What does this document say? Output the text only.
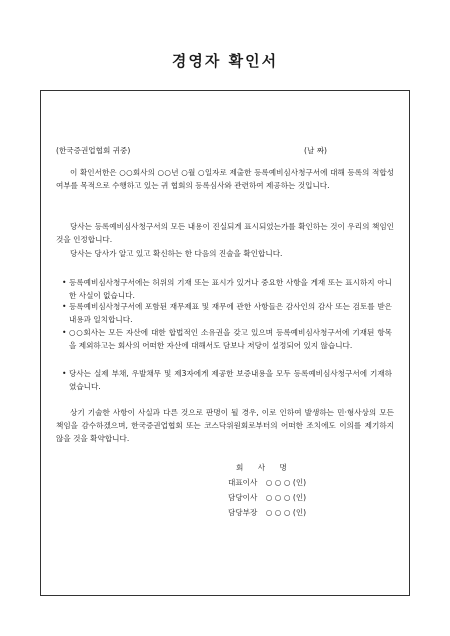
경영자 확인서
(한국증권업협회 귀중)	(날 짜)
이 확인서한은 ○○회사의 ○○년 ○월 ○일자로 제출한 등록예비심사청구서에 대해 등록의 적합성 여부를 목적으로 수행하고 있는 귀 협회의 등록심사와 관련하여 제공하는 것입니다.
당사는 등록예비심사청구서의 모든 내용이 진실되게 표시되었는가를 확인하는 것이 우리의 책임인 것을 인정합니다.
당사는 당사가 알고 있고 확신하는 한 다음의 진술을 확인합니다.
• 등록예비심사청구서에는 허위의 기재 또는 표시가 있거나 중요한 사항을 게재 또는 표시하지 아니한 사실이 없습니다.
• 등록예비심사청구서에 포함된 재무제표 및 재무에 관한 사항들은 감사인의 감사 또는 검토를 받은 내용과 일치합니다.
• ○○회사는 모든 자산에 대한 합법적인 소유권을 갖고 있으며 등록예비심사청구서에 기재된 항목을 제외하고는 회사의 어떠한 자산에 대해서도 담보나 저당이 설정되어 있지 않습니다.
• 당사는 실제 부채, 우발채무 및 제3자에게 제공한 보증내용을 모두 등록예비심사청구서에 기재하였습니다.
상기 기술한 사항이 사실과 다른 것으로 판명이 될 경우, 이로 인하여 발생하는 민·형사상의 모든 책임을 감수하겠으며, 한국증권업협회 또는 코스닥위원회로부터의 어떠한 조치에도 이의를 제기하지 않을 것을 확약합니다.
회 사 명
대표이사 ○ ○ ○ (인)
담당이사 ○ ○ ○ (인)
담당부장 ○ ○ ○ (인)
